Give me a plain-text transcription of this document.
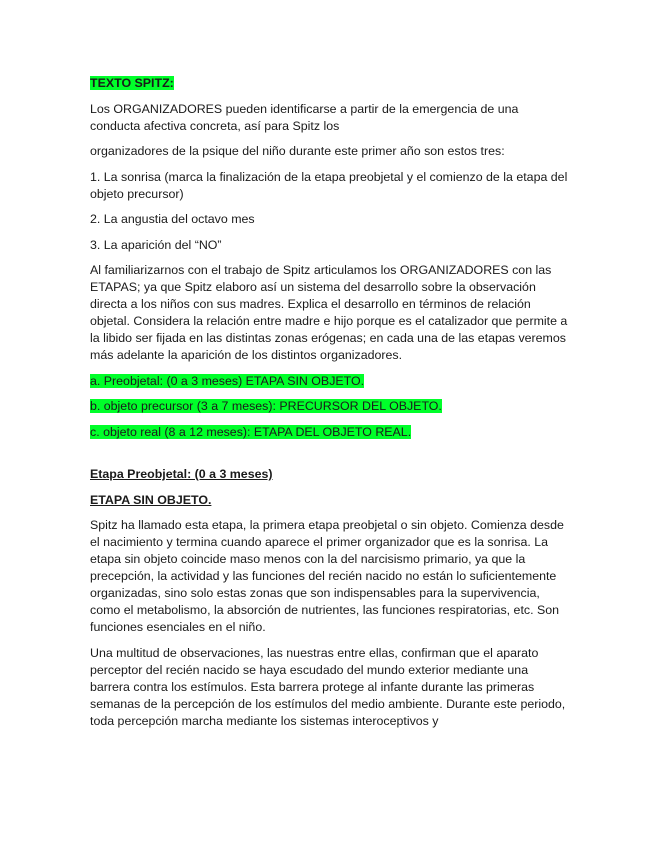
TEXTO SPITZ:

Los ORGANIZADORES pueden identificarse a partir de la emergencia de una conducta afectiva concreta, así para Spitz los

organizadores de la psique del niño durante este primer año son estos tres:

1. La sonrisa (marca la finalización de la etapa preobjetal y el comienzo de la etapa del objeto precursor)

2. La angustia del octavo mes

3. La aparición del “NO”

Al familiarizarnos con el trabajo de Spitz articulamos los ORGANIZADORES con las ETAPAS; ya que Spitz elaboro así un sistema del desarrollo sobre la observación directa a los niños con sus madres. Explica el desarrollo en términos de relación objetal. Considera la relación entre madre e hijo porque es el catalizador que permite a la libido ser fijada en las distintas zonas erógenas; en cada una de las etapas veremos más adelante la aparición de los distintos organizadores.

a. Preobjetal: (0 a 3 meses) ETAPA SIN OBJETO.

b. objeto precursor (3 a 7 meses): PRECURSOR DEL OBJETO.

c. objeto real (8 a 12 meses): ETAPA DEL OBJETO REAL.

Etapa Preobjetal: (0 a 3 meses)

ETAPA SIN OBJETO.

Spitz ha llamado esta etapa, la primera etapa preobjetal o sin objeto. Comienza desde el nacimiento y termina cuando aparece el primer organizador que es la sonrisa. La etapa sin objeto coincide maso menos con la del narcisismo primario, ya que la precepción, la actividad y las funciones del recién nacido no están lo suficientemente organizadas, sino solo estas zonas que son indispensables para la supervivencia, como el metabolismo, la absorción de nutrientes, las funciones respiratorias, etc. Son funciones esenciales en el niño.

Una multitud de observaciones, las nuestras entre ellas, confirman que el aparato perceptor del recién nacido se haya escudado del mundo exterior mediante una barrera contra los estímulos. Esta barrera protege al infante durante las primeras semanas de la percepción de los estímulos del medio ambiente. Durante este periodo, toda percepción marcha mediante los sistemas interoceptivos y
